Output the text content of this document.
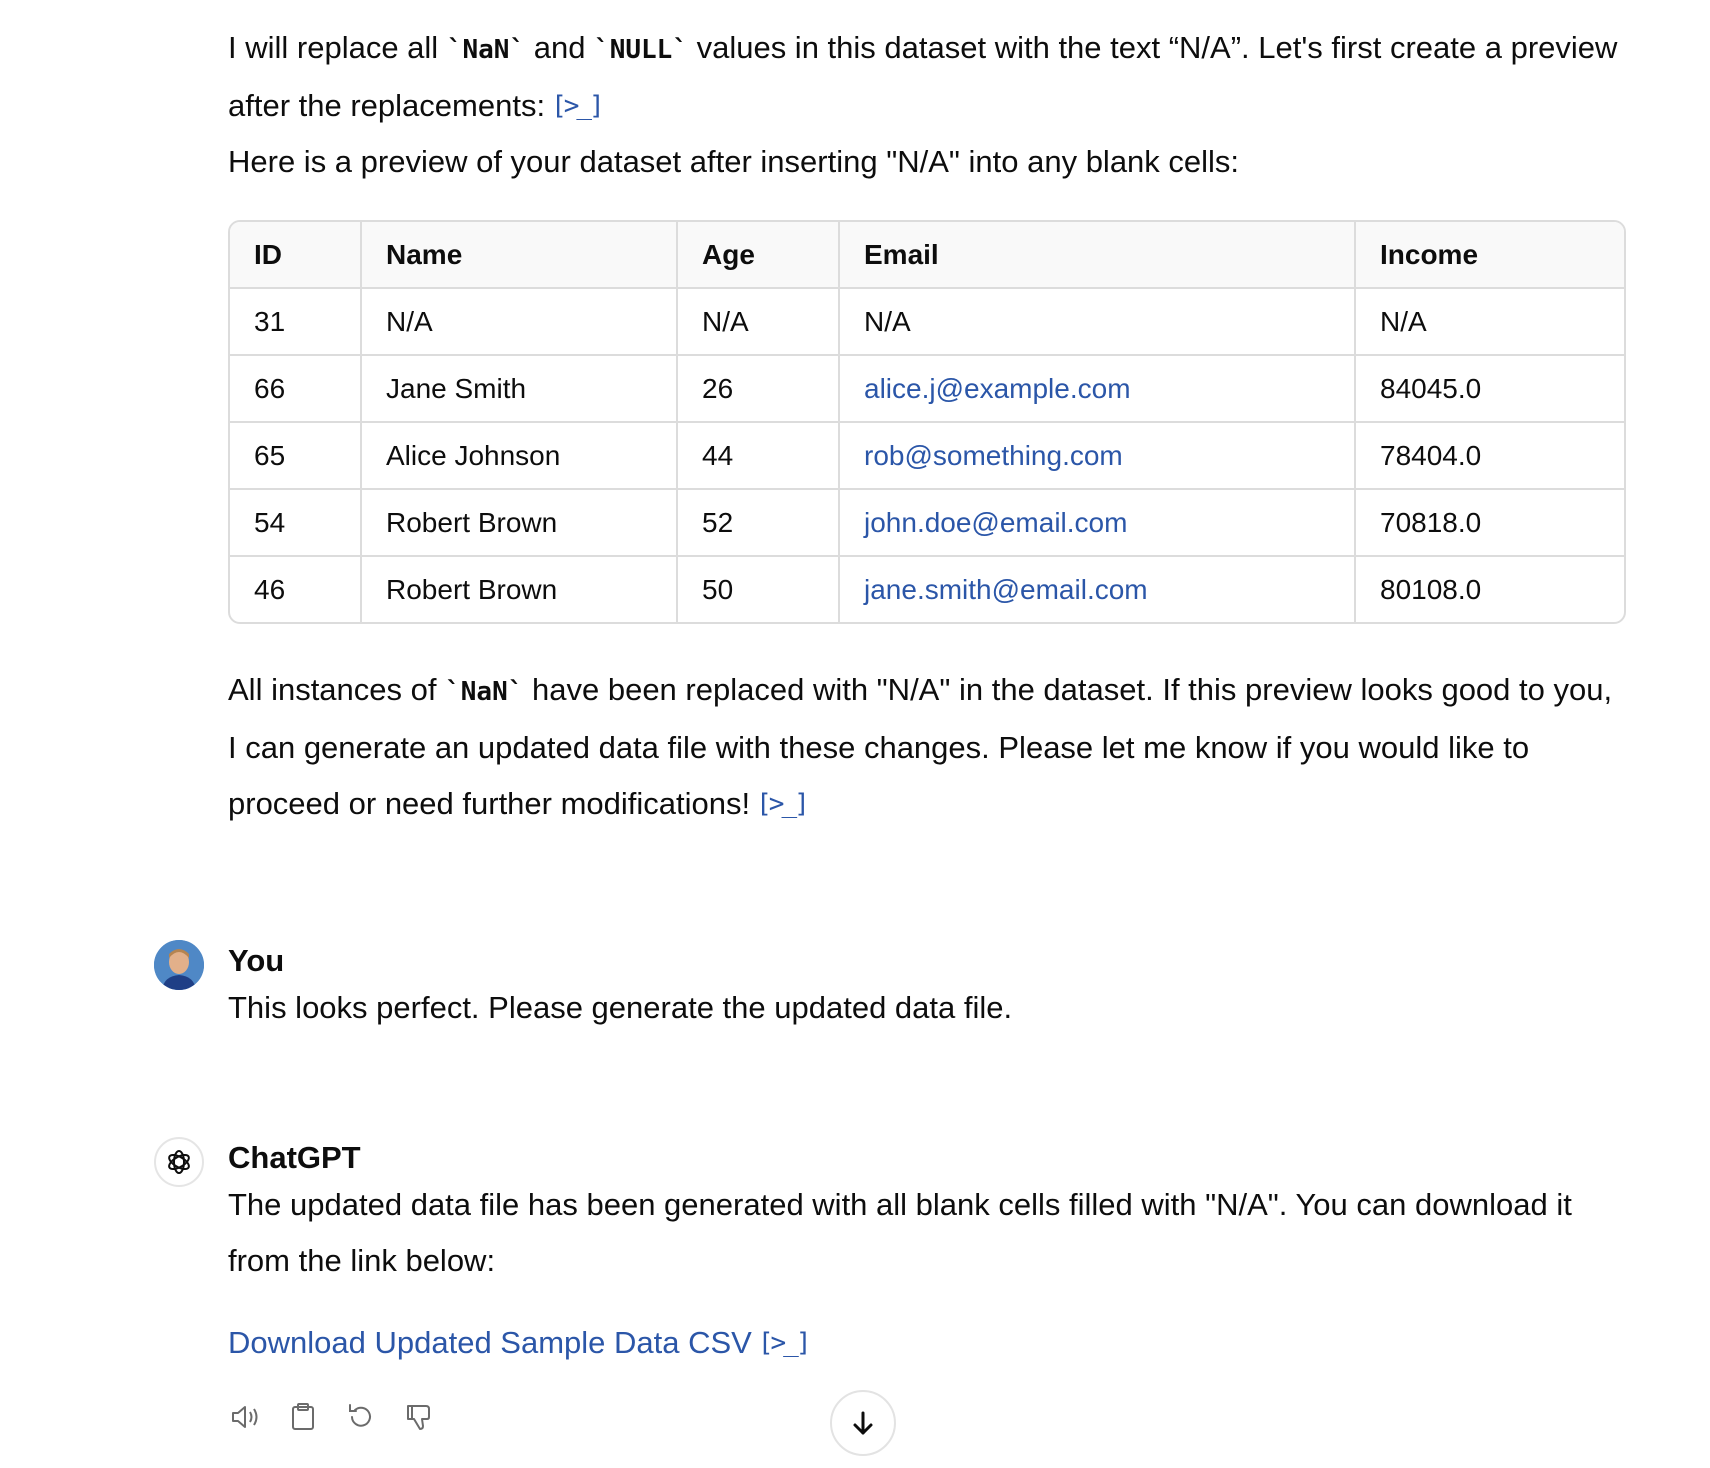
I will replace all `NaN` and `NULL` values in this dataset with the text “N/A”. Let's first create a preview after the replacements: [>_]

Here is a preview of your dataset after inserting "N/A" into any blank cells:

ID	Name	Age	Email	Income
31	N/A	N/A	N/A	N/A
66	Jane Smith	26	alice.j@example.com	84045.0
65	Alice Johnson	44	rob@something.com	78404.0
54	Robert Brown	52	john.doe@email.com	70818.0
46	Robert Brown	50	jane.smith@email.com	80108.0

All instances of `NaN` have been replaced with "N/A" in the dataset. If this preview looks good to you, I can generate an updated data file with these changes. Please let me know if you would like to proceed or need further modifications! [>_]

You

This looks perfect. Please generate the updated data file.

ChatGPT

The updated data file has been generated with all blank cells filled with "N/A". You can download it from the link below:

Download Updated Sample Data CSV [>_]
